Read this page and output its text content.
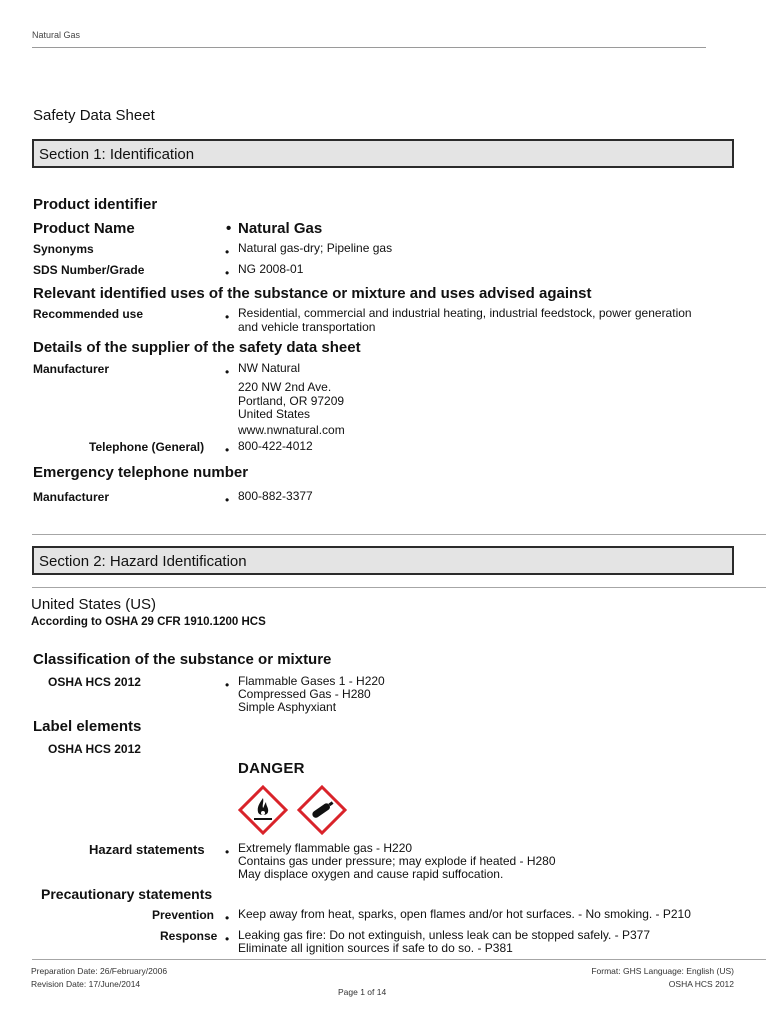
Natural Gas
Safety Data Sheet
Section 1: Identification
Product identifier
Product Name	• Natural Gas
Synonyms	• Natural gas-dry; Pipeline gas
SDS Number/Grade	• NG 2008-01
Relevant identified uses of the substance or mixture and uses advised against
Recommended use	• Residential, commercial and industrial heating, industrial feedstock, power generation
and vehicle transportation
Details of the supplier of the safety data sheet
Manufacturer	• NW Natural
220 NW 2nd Ave.
Portland, OR 97209
United States
www.nwnatural.com
Telephone (General) • 800-422-4012
Emergency telephone number
Manufacturer	• 800-882-3377
Section 2: Hazard Identification
United States (US)
According to OSHA 29 CFR 1910.1200 HCS
Classification of the substance or mixture
OSHA HCS 2012	• Flammable Gases 1 - H220
Compressed Gas - H280
Simple Asphyxiant
Label elements
OSHA HCS 2012
DANGER
Hazard statements • Extremely flammable gas - H220
Contains gas under pressure; may explode if heated - H280
May displace oxygen and cause rapid suffocation.
Precautionary statements
Prevention • Keep away from heat, sparks, open flames and/or hot surfaces. - No smoking. - P210
Response • Leaking gas fire: Do not extinguish, unless leak can be stopped safely. - P377
Eliminate all ignition sources if safe to do so. - P381
Preparation Date: 26/February/2006
Revision Date: 17/June/2014
Page 1 of 14
Format: GHS Language: English (US)
OSHA HCS 2012
